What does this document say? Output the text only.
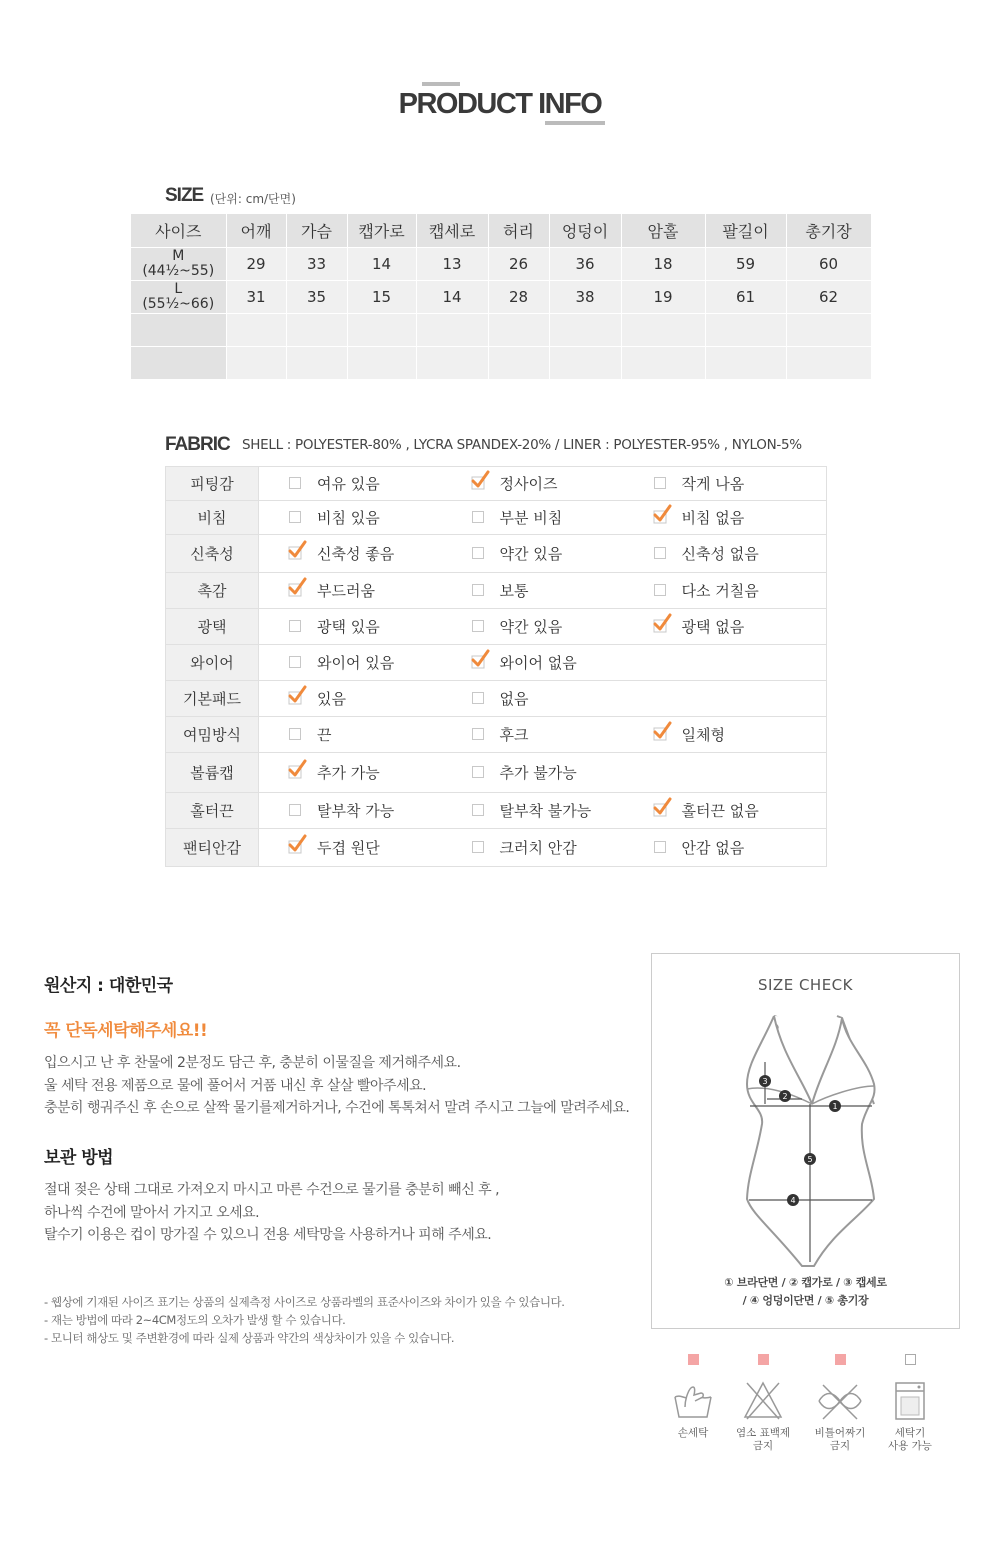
PRODUCT INFO
SIZE (단위: cm/단면)
사이즈	어깨	가슴	캡가로	캡세로	허리	엉덩이	암홀	팔길이	총기장

M
(44½~55)	29	33	14	13	26	36	18	59	60

L
(55½~66)	31	35	15	14	28	38	19	61	62

FABRIC SHELL : POLYESTER-80% , LYCRA SPANDEX-20% / LINER : POLYESTER-95% , NYLON-5%
피팅감	여유 있음	정사이즈	작게 나옴
비침	비침 있음	부분 비침	비침 없음
신축성	신축성 좋음	약간 있음	신축성 없음
촉감	부드러움	보통	다소 거칠음
광택	광택 있음	약간 있음	광택 없음
와이어	와이어 있음	와이어 없음	
기본패드	있음	없음	
여밈방식	끈	후크	일체형
볼륨캡	추가 가능	추가 불가능	
홀터끈	탈부착 가능	탈부착 불가능	홀터끈 없음
팬티안감	두겹 원단	크러치 안감	안감 없음
원산지 : 대한민국
꼭 단독세탁해주세요!!
입으시고 난 후 찬물에 2분정도 담근 후, 충분히 이물질을 제거해주세요.
울 세탁 전용 제품으로 물에 풀어서 거품 내신 후 살살 빨아주세요.
충분히 행궈주신 후 손으로 살짝 물기를제거하거나, 수건에 톡톡쳐서 말려 주시고 그늘에 말려주세요.
보관 방법
절대 젖은 상태 그대로 가져오지 마시고 마른 수건으로 물기를 충분히 빼신 후 ,
하나씩 수건에 말아서 가지고 오세요.
탈수기 이용은 컵이 망가질 수 있으니 전용 세탁망을 사용하거나 피해 주세요.
- 웹상에 기재된 사이즈 표기는 상품의 실제측정 사이즈로 상품라벨의 표준사이즈와 차이가 있을 수 있습니다.
- 재는 방법에 따라 2~4CM정도의 오차가 발생 할 수 있습니다.
- 모니터 해상도 및 주변환경에 따라 실제 상품과 약간의 색상차이가 있을 수 있습니다.
SIZE CHECK
1
2
3
4
5
① 브라단면 / ② 캡가로 / ③ 캡세로
/ ④ 엉덩이단면 / ⑤ 총기장
손세탁	염소 표백제
금지
비틀어짜기
금지
세탁기
사용 가능
